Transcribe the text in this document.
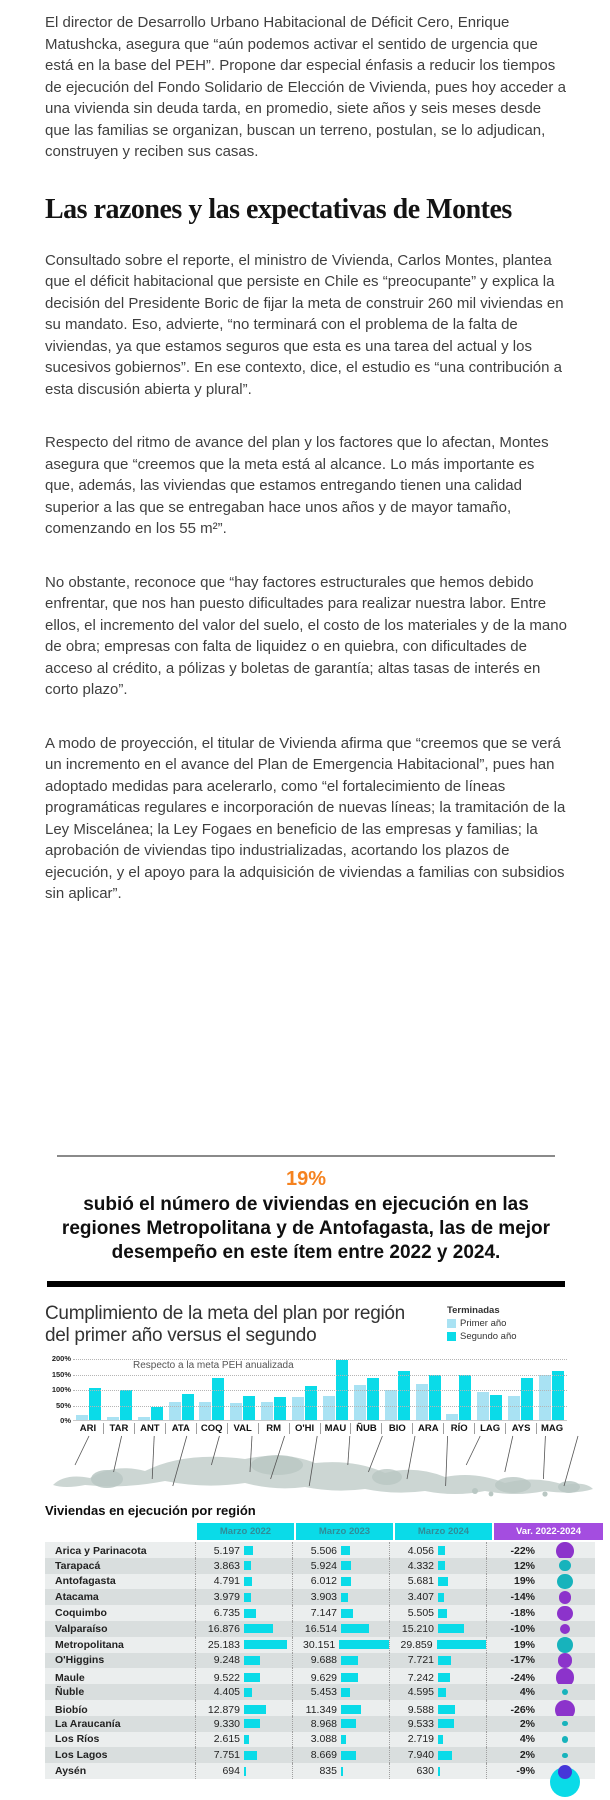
El director de Desarrollo Urbano Habitacional de Déficit Cero, Enrique Matushcka, asegura que “aún podemos activar el sentido de urgencia que está en la base del PEH”. Propone dar especial énfasis a reducir los tiempos de ejecución del Fondo Solidario de Elección de Vivienda, pues hoy acceder a una vivienda sin deuda tarda, en promedio, siete años y seis meses desde que las familias se organizan, buscan un terreno, postulan, se lo adjudican, construyen y reciben sus casas.

Las razones y las expectativas de Montes

Consultado sobre el reporte, el ministro de Vivienda, Carlos Montes, plantea que el déficit habitacional que persiste en Chile es “preocupante” y explica la decisión del Presidente Boric de fijar la meta de construir 260 mil viviendas en su mandato. Eso, advierte, “no terminará con el problema de la falta de viviendas, ya que estamos seguros que esta es una tarea del actual y los sucesivos gobiernos”. En ese contexto, dice, el estudio es “una contribución a esta discusión abierta y plural”.

Respecto del ritmo de avance del plan y los factores que lo afectan, Montes asegura que “creemos que la meta está al alcance. Lo más importante es que, además, las viviendas que estamos entregando tienen una calidad superior a las que se entregaban hace unos años y de mayor tamaño, comenzando en los 55 m²”.

No obstante, reconoce que “hay factores estructurales que hemos debido enfrentar, que nos han puesto dificultades para realizar nuestra labor. Entre ellos, el incremento del valor del suelo, el costo de los materiales y de la mano de obra; empresas con falta de liquidez o en quiebra, con dificultades de acceso al crédito, a pólizas y boletas de garantía; altas tasas de interés en corto plazo”.

A modo de proyección, el titular de Vivienda afirma que “creemos que se verá un incremento en el avance del Plan de Emergencia Habitacional”, pues han adoptado medidas para acelerarlo, como “el fortalecimiento de líneas programáticas regulares e incorporación de nuevas líneas; la tramitación de la Ley Miscelánea; la Ley Fogaes en beneficio de las empresas y familias; la aprobación de viviendas tipo industrializadas, acortando los plazos de ejecución, y el apoyo para la adquisición de viviendas a familias con subsidios sin aplicar”.

19%
subió el número de viviendas en ejecución en las regiones Metropolitana y de Antofagasta, las de mejor desempeño en este ítem entre 2022 y 2024.
Cumplimiento de la meta del plan por región del primer año versus el segundo
Terminadas
Primer año
Segundo año
Respecto a la meta PEH anualizada
200%
150%
100%
50%
0%
ARI	TAR	ANT	ATA	COQ	VAL	RM	O'HI	MAU	ÑUB	BIO	ARA	RÍO	LAG	AYS	MAG
Viviendas en ejecución por región
Marzo 2022	Marzo 2023	Marzo 2024	Var. 2022-2024
Arica y Parinacota	5.197	5.506	4.056	-22%
Tarapacá	3.863	5.924	4.332	12%
Antofagasta	4.791	6.012	5.681	19%
Atacama	3.979	3.903	3.407	-14%
Coquimbo	6.735	7.147	5.505	-18%
Valparaíso	16.876	16.514	15.210	-10%
Metropolitana	25.183	30.151	29.859	19%
O'Higgins	9.248	9.688	7.721	-17%
Maule	9.522	9.629	7.242	-24%
Ñuble	4.405	5.453	4.595	4%
Biobío	12.879	11.349	9.588	-26%
La Araucanía	9.330	8.968	9.533	2%
Los Ríos	2.615	3.088	2.719	4%
Los Lagos	7.751	8.669	7.940	2%
Aysén	694	835	630	-9%
